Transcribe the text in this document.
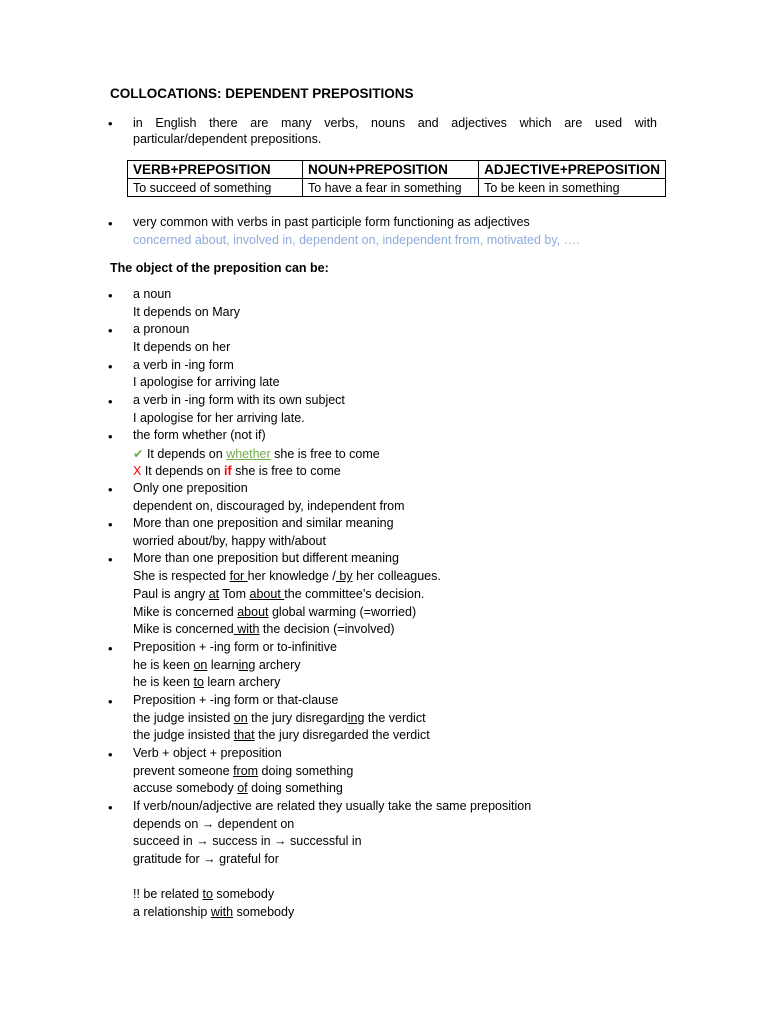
COLLOCATIONS: DEPENDENT PREPOSITIONS
• in English there are many verbs, nouns and adjectives which are used with
particular/dependent prepositions.
VERB+PREPOSITION	NOUN+PREPOSITION	ADJECTIVE+PREPOSITION
To succeed of something	To have a fear in something	To be keen in something
• very common with verbs in past participle form functioning as adjectives
concerned about, involved in, dependent on, independent from, motivated by, ….
The object of the preposition can be:
• a noun
It depends on Mary
• a pronoun
It depends on her
• a verb in -ing form
I apologise for arriving late
• a verb in -ing form with its own subject
I apologise for her arriving late.
• the form whether (not if)
✔ It depends on whether she is free to come
X It depends on if she is free to come
• Only one preposition
dependent on, discouraged by, independent from
• More than one preposition and similar meaning
worried about/by, happy with/about
• More than one preposition but different meaning
She is respected for her knowledge / by her colleagues.
Paul is angry at Tom about the committee’s decision.
Mike is concerned about global warming (=worried)
Mike is concerned with the decision (=involved)
• Preposition + -ing form or to-infinitive
he is keen on learning archery
he is keen to learn archery
• Preposition + -ing form or that-clause
the judge insisted on the jury disregarding the verdict
the judge insisted that the jury disregarded the verdict
• Verb + object + preposition
prevent someone from doing something
accuse somebody of doing something
• If verb/noun/adjective are related they usually take the same preposition
depends on → dependent on
succeed in → success in → successful in
gratitude for → grateful for
!! be related to somebody
a relationship with somebody
